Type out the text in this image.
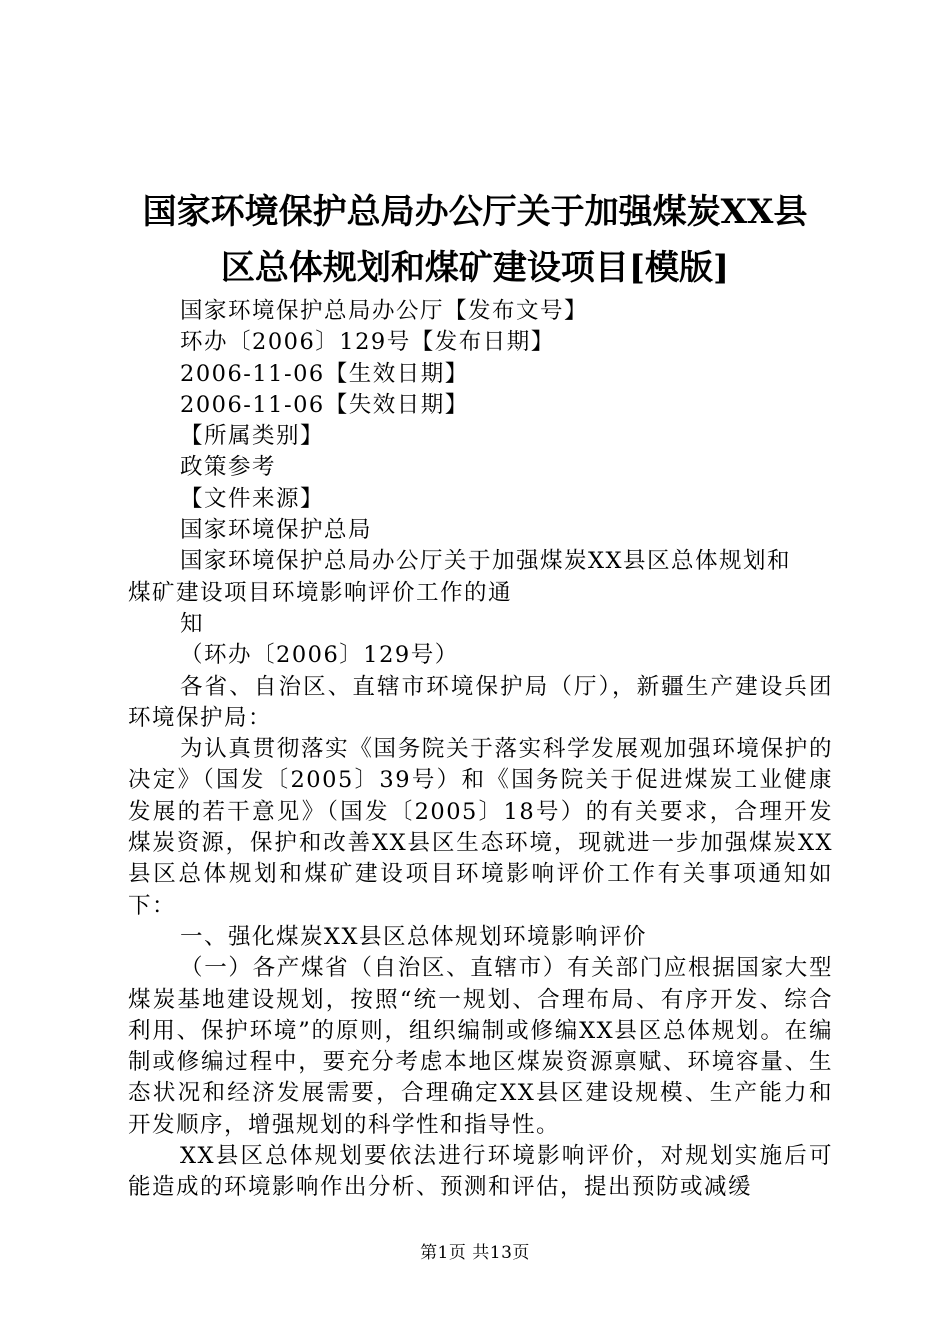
国家环境保护总局办公厅关于加强煤炭XX县
区总体规划和煤矿建设项目[模版]
国家环境保护总局办公厅【发布文号】
环办〔2006〕129号【发布日期】
2006-11-06【生效日期】
2006-11-06【失效日期】
【所属类别】
政策参考
【文件来源】
国家环境保护总局
国家环境保护总局办公厅关于加强煤炭XX县区总体规划和
煤矿建设项目环境影响评价工作的通
知
（环办〔2006〕129号）
各省、自治区、直辖市环境保护局（厅），新疆生产建设兵团环境保护局：
为认真贯彻落实《国务院关于落实科学发展观加强环境保护的决定》（国发〔2005〕39号）和《国务院关于促进煤炭工业健康发展的若干意见》（国发〔2005〕18号）的有关要求，合理开发煤炭资源，保护和改善XX县区生态环境，现就进一步加强煤炭XX县区总体规划和煤矿建设项目环境影响评价工作有关事项通知如下：
一、强化煤炭XX县区总体规划环境影响评价
（一）各产煤省（自治区、直辖市）有关部门应根据国家大型煤炭基地建设规划，按照“统一规划、合理布局、有序开发、综合利用、保护环境”的原则，组织编制或修编XX县区总体规划。在编制或修编过程中，要充分考虑本地区煤炭资源禀赋、环境容量、生态状况和经济发展需要，合理确定XX县区建设规模、生产能力和开发顺序，增强规划的科学性和指导性。
XX县区总体规划要依法进行环境影响评价，对规划实施后可能造成的环境影响作出分析、预测和评估，提出预防或减缓
第1页 共13页
